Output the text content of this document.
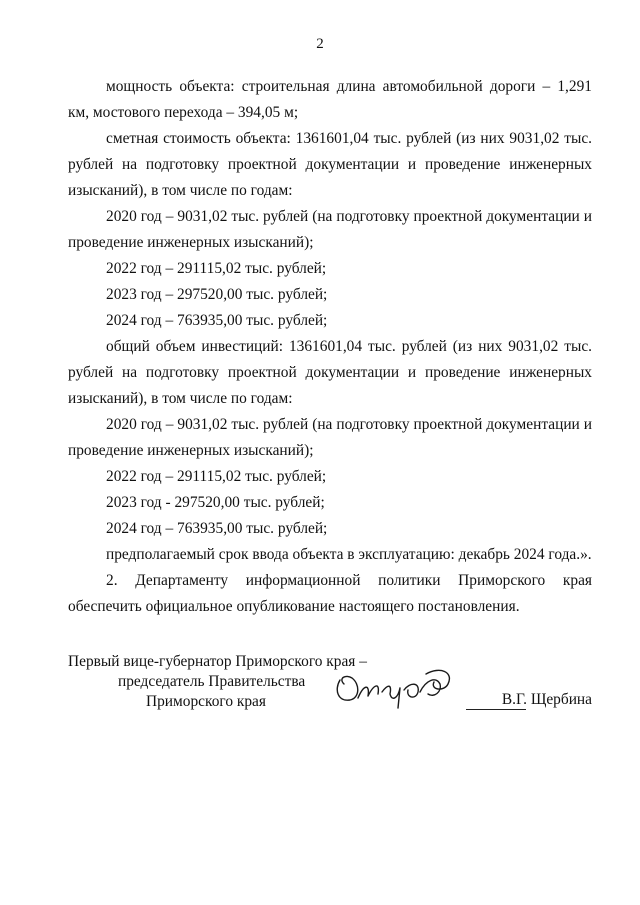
2

мощность объекта: строительная длина автомобильной дороги – 1,291 км, мостового перехода – 394,05 м;

сметная стоимость объекта: 1361601,04 тыс. рублей (из них 9031,02 тыс. рублей на подготовку проектной документации и проведение инженерных изысканий), в том числе по годам:

2020 год – 9031,02 тыс. рублей (на подготовку проектной документации и проведение инженерных изысканий);

2022 год – 291115,02 тыс. рублей;

2023 год – 297520,00 тыс. рублей;

2024 год – 763935,00 тыс. рублей;

общий объем инвестиций: 1361601,04 тыс. рублей (из них 9031,02 тыс. рублей на подготовку проектной документации и проведение инженерных изысканий), в том числе по годам:

2020 год – 9031,02 тыс. рублей (на подготовку проектной документации и проведение инженерных изысканий);

2022 год – 291115,02 тыс. рублей;

2023 год - 297520,00 тыс. рублей;

2024 год – 763935,00 тыс. рублей;

предполагаемый срок ввода объекта в эксплуатацию: декабрь 2024 года.».

2. Департаменту информационной политики Приморского края обеспечить официальное опубликование настоящего постановления.

Первый вице-губернатор Приморского края –
председатель Правительства
Приморского края	В.Г. Щербина
